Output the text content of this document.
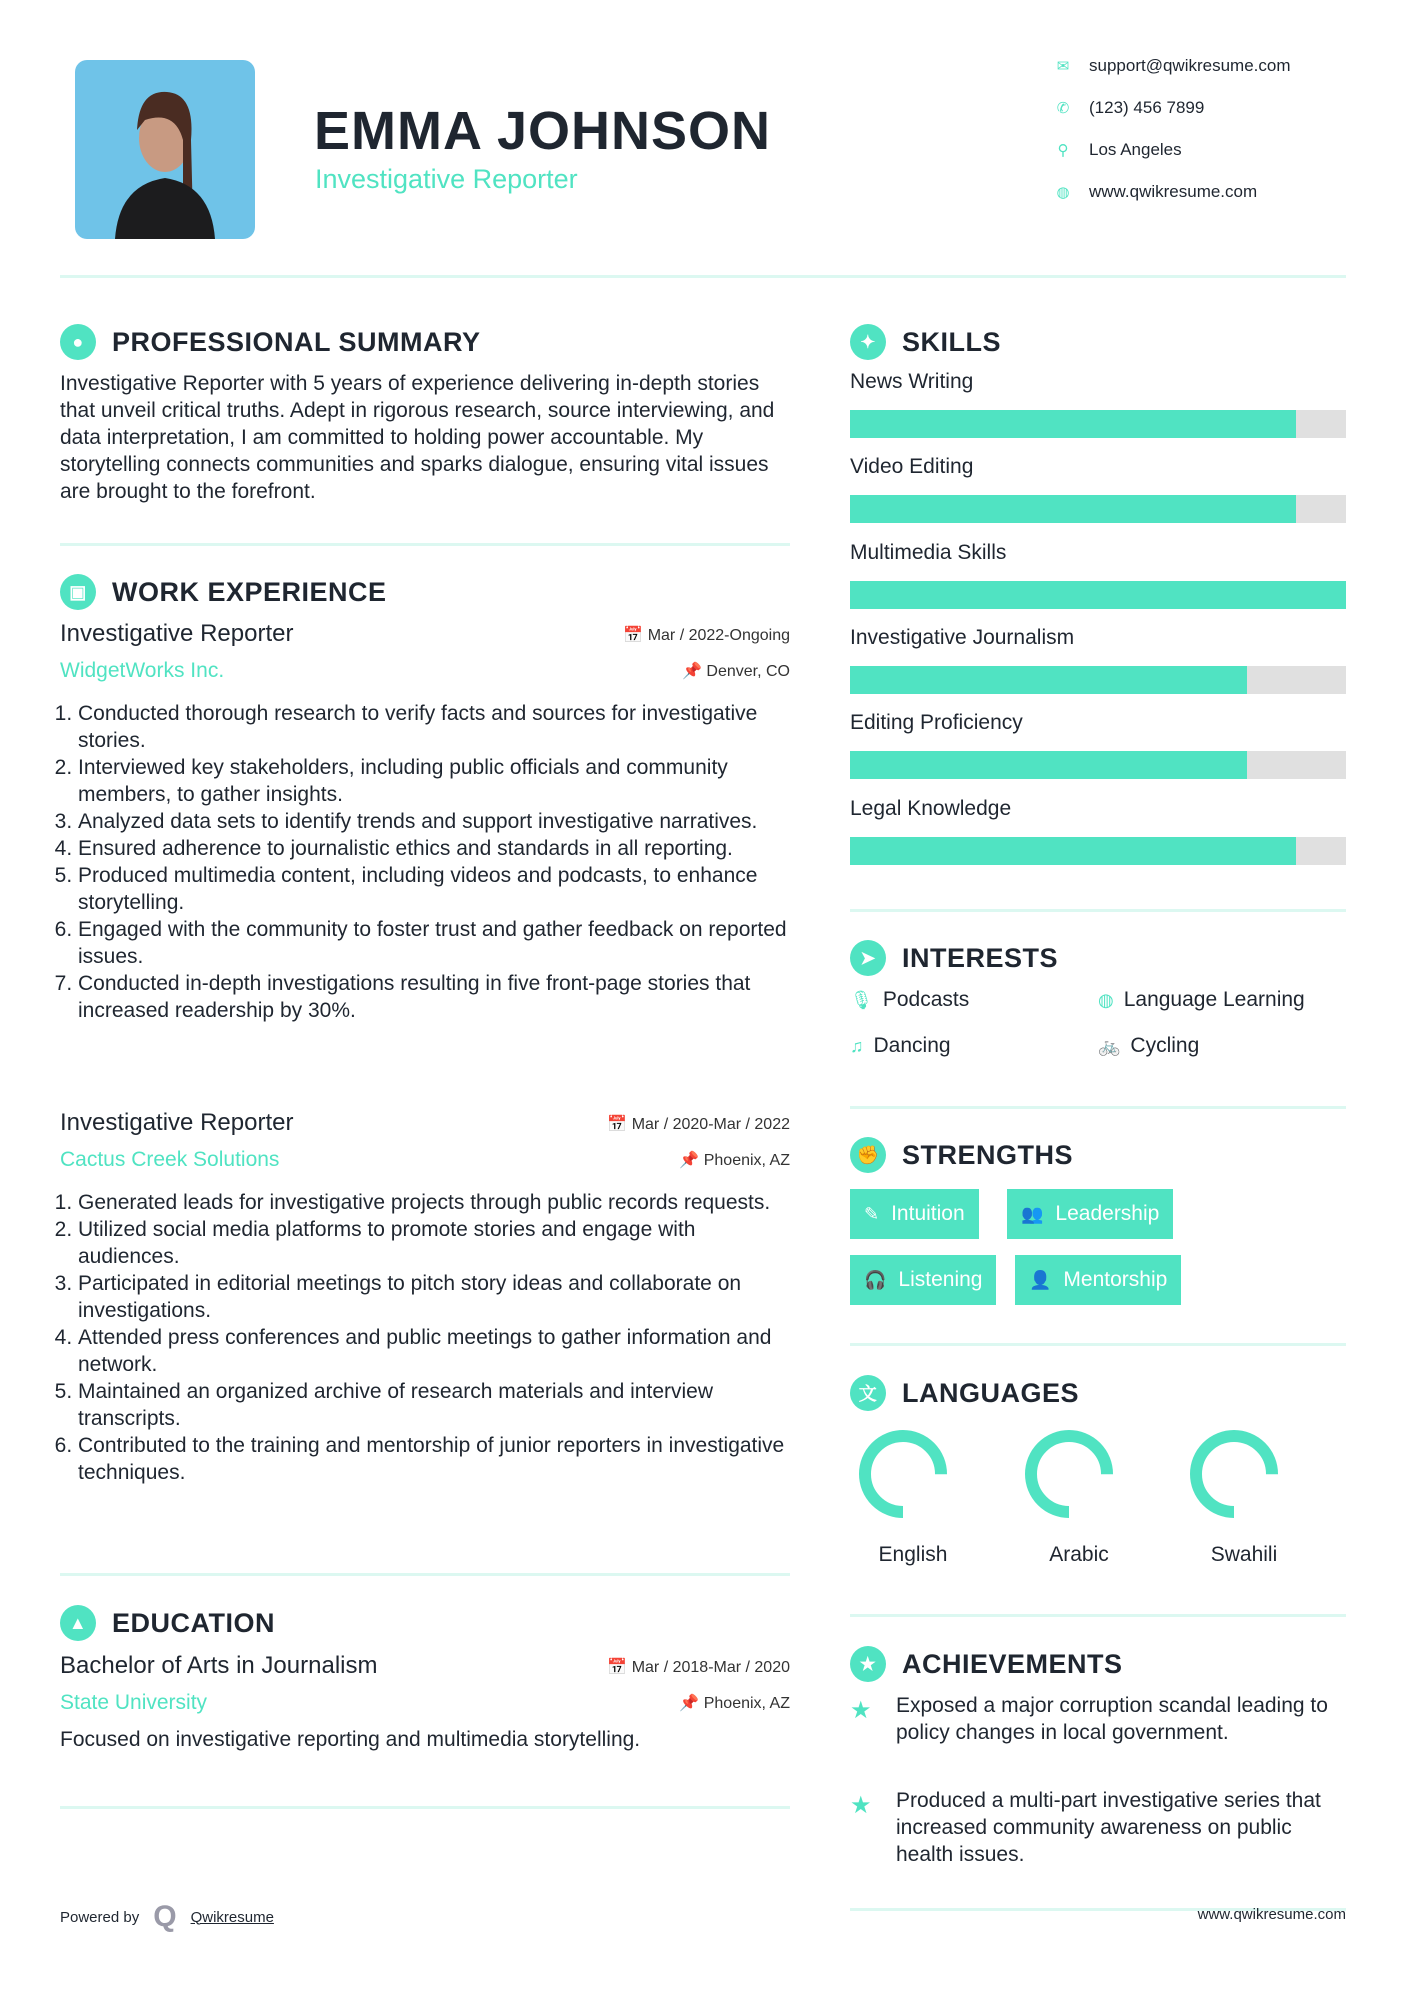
EMMA JOHNSON
Investigative Reporter
✉ support@qwikresume.com
✆ (123) 456 7899
⚲ Los Angeles
◍ www.qwikresume.com
●	PROFESSIONAL SUMMARY
Investigative Reporter with 5 years of experience delivering in-depth stories that unveil critical truths. Adept in rigorous research, source interviewing, and data interpretation, I am committed to holding power accountable. My storytelling connects communities and sparks dialogue, ensuring vital issues are brought to the forefront.
▣ WORK EXPERIENCE
Investigative Reporter	📅 Mar / 2022-Ongoing
WidgetWorks Inc.	📌 Denver, CO
1. Conducted thorough research to verify facts and sources for investigative stories.
2. Interviewed key stakeholders, including public officials and community members, to gather insights.
3. Analyzed data sets to identify trends and support investigative narratives.
4. Ensured adherence to journalistic ethics and standards in all reporting.
5. Produced multimedia content, including videos and podcasts, to enhance storytelling.
6. Engaged with the community to foster trust and gather feedback on reported issues.
7. Conducted in-depth investigations resulting in five front-page stories that increased readership by 30%.
Investigative Reporter	📅 Mar / 2020-Mar / 2022
Cactus Creek Solutions	📌 Phoenix, AZ
1. Generated leads for investigative projects through public records requests.
2. Utilized social media platforms to promote stories and engage with audiences.
3. Participated in editorial meetings to pitch story ideas and collaborate on investigations.
4. Attended press conferences and public meetings to gather information and network.
5. Maintained an organized archive of research materials and interview transcripts.
6. Contributed to the training and mentorship of junior reporters in investigative techniques.
▲ EDUCATION
Bachelor of Arts in Journalism	📅 Mar / 2018-Mar / 2020
State University	📌 Phoenix, AZ
Focused on investigative reporting and multimedia storytelling.
Powered by Q Qwikresume
✦ SKILLS
News Writing
Video Editing
Multimedia Skills
Investigative Journalism
Editing Proficiency
Legal Knowledge
➤ INTERESTS
🎙 Podcasts	◍ Language Learning
♫ Dancing	🚲 Cycling
✊ STRENGTHS
✎ Intuition	👥 Leadership
🎧 Listening	👤 Mentorship
文 LANGUAGES
English	Arabic	Swahili
★ ACHIEVEMENTS
★ Exposed a major corruption scandal leading to policy changes in local government.
★ Produced a multi-part investigative series that increased community awareness on public health issues.
www.qwikresume.com
